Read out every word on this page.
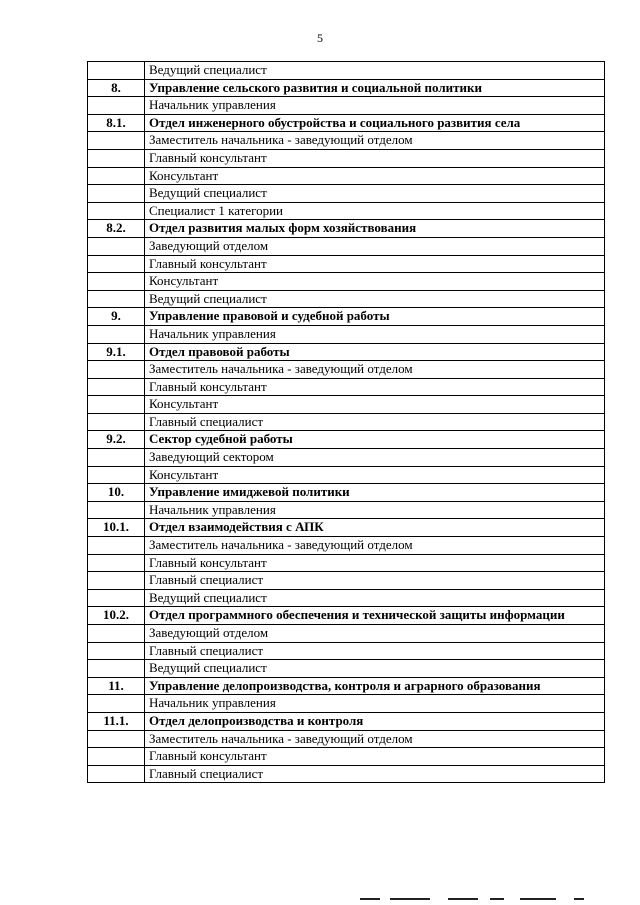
5
	Ведущий специалист
8.	Управление сельского развития и социальной политики
	Начальник управления
8.1.	Отдел инженерного обустройства и социального развития села
	Заместитель начальника - заведующий отделом
	Главный консультант
	Консультант
	Ведущий специалист
	Специалист 1 категории
8.2.	Отдел развития малых форм хозяйствования
	Заведующий отделом
	Главный консультант
	Консультант
	Ведущий специалист
9.	Управление правовой и судебной работы
	Начальник управления
9.1.	Отдел правовой работы
	Заместитель начальника - заведующий отделом
	Главный консультант
	Консультант
	Главный специалист
9.2.	Сектор судебной работы
	Заведующий сектором
	Консультант
10.	Управление имиджевой политики
	Начальник управления
10.1.	Отдел взаимодействия с АПК
	Заместитель начальника - заведующий отделом
	Главный консультант
	Главный специалист
	Ведущий специалист
10.2.	Отдел программного обеспечения и технической защиты информации
	Заведующий отделом
	Главный специалист
	Ведущий специалист
11.	Управление делопроизводства, контроля и аграрного образования
	Начальник управления
11.1.	Отдел делопроизводства и контроля
	Заместитель начальника - заведующий отделом
	Главный консультант
	Главный специалист
